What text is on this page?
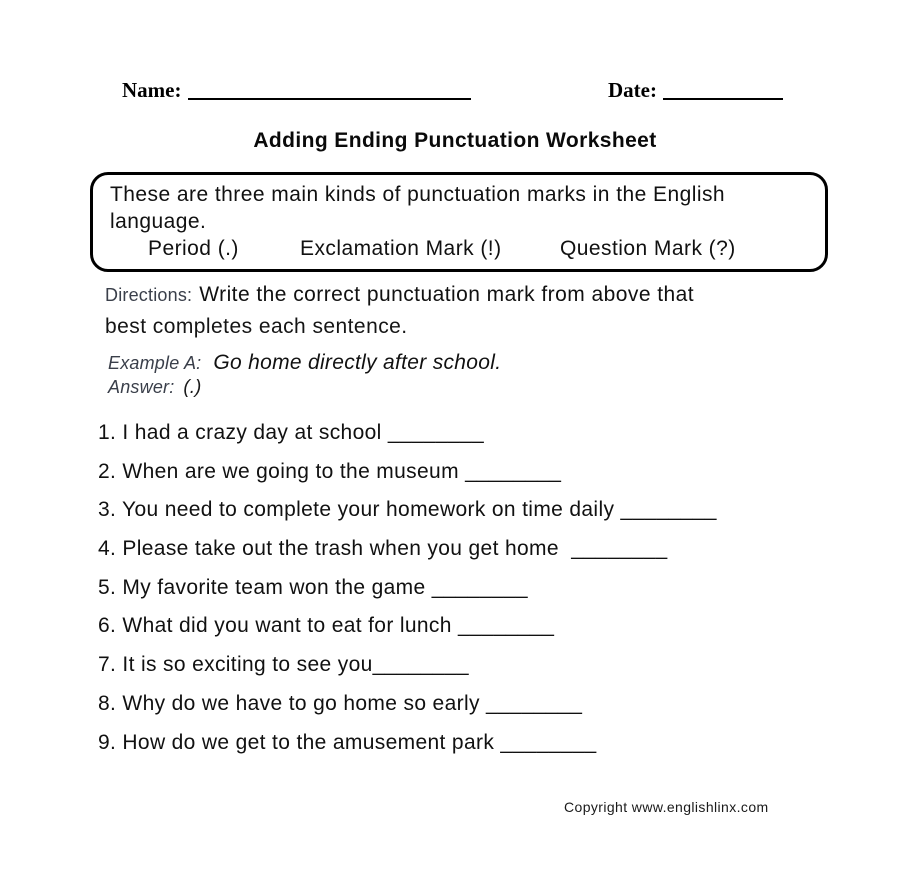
Name:	Date:
Adding Ending Punctuation Worksheet
These are three main kinds of punctuation marks in the English
language.
Period (.)	Exclamation Mark (!)	Question Mark (?)
Directions: Write the correct punctuation mark from above that
best completes each sentence.
Example A: Go home directly after school.
Answer: (.)
1. I had a crazy day at school ________
2. When are we going to the museum ________
3. You need to complete your homework on time daily ________
4. Please take out the trash when you get home  ________
5. My favorite team won the game ________
6. What did you want to eat for lunch ________
7. It is so exciting to see you________
8. Why do we have to go home so early ________
9. How do we get to the amusement park ________
Copyright www.englishlinx.com
